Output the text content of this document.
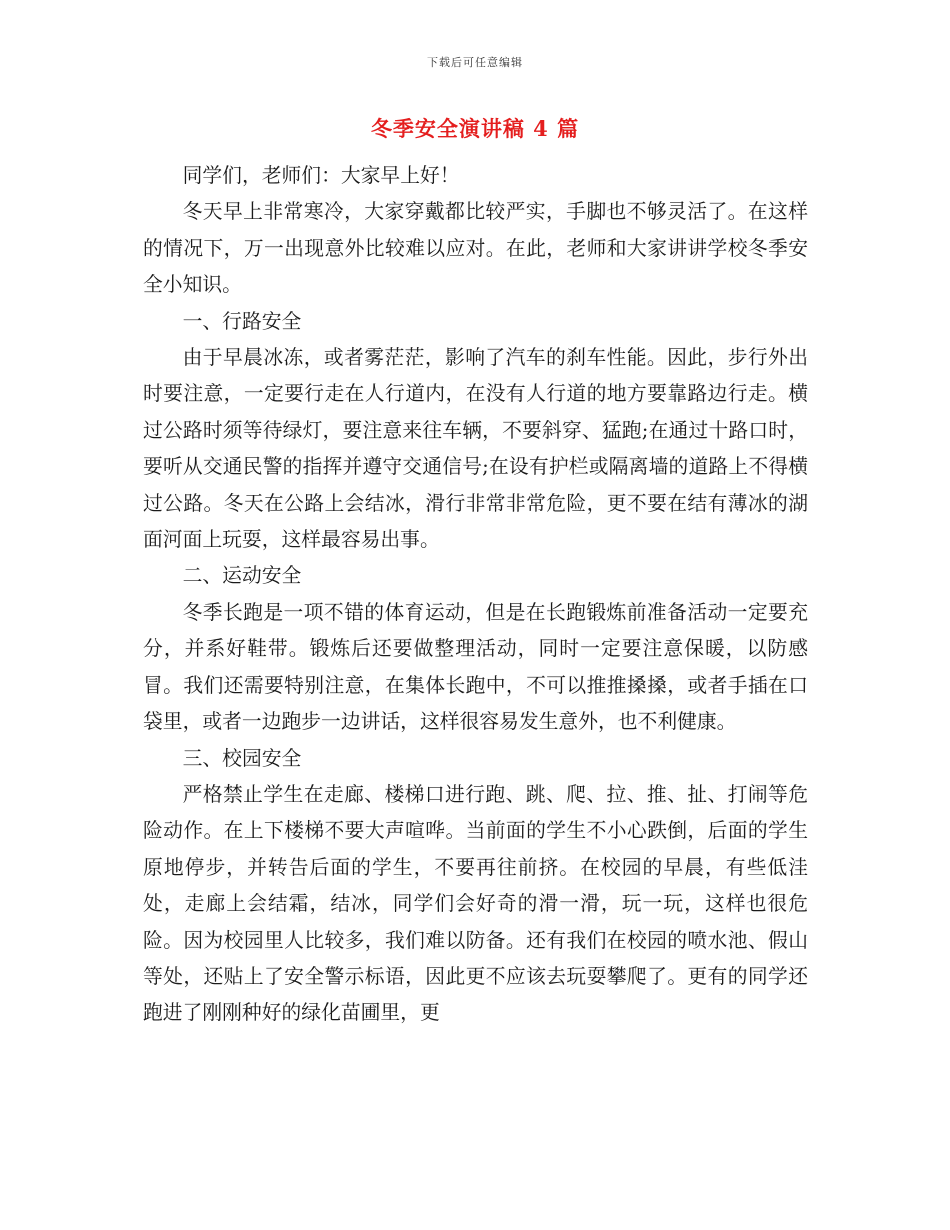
下载后可任意编辑
冬季安全演讲稿 4 篇

同学们，老师们：大家早上好！

冬天早上非常寒冷，大家穿戴都比较严实，手脚也不够灵活了。在这样的情况下，万一出现意外比较难以应对。在此，老师和大家讲讲学校冬季安全小知识。

一、行路安全

由于早晨冰冻，或者雾茫茫，影响了汽车的刹车性能。因此，步行外出时要注意，一定要行走在人行道内，在没有人行道的地方要靠路边行走。横过公路时须等待绿灯，要注意来往车辆，不要斜穿、猛跑;在通过十路口时，要听从交通民警的指挥并遵守交通信号;在设有护栏或隔离墙的道路上不得横过公路。冬天在公路上会结冰，滑行非常非常危险，更不要在结有薄冰的湖面河面上玩耍，这样最容易出事。

二、运动安全

冬季长跑是一项不错的体育运动，但是在长跑锻炼前准备活动一定要充分，并系好鞋带。锻炼后还要做整理活动，同时一定要注意保暖，以防感冒。我们还需要特别注意，在集体长跑中，不可以推推搡搡，或者手插在口袋里，或者一边跑步一边讲话，这样很容易发生意外，也不利健康。

三、校园安全

严格禁止学生在走廊、楼梯口进行跑、跳、爬、拉、推、扯、打闹等危险动作。在上下楼梯不要大声喧哗。当前面的学生不小心跌倒，后面的学生原地停步，并转告后面的学生，不要再往前挤。在校园的早晨，有些低洼处，走廊上会结霜，结冰，同学们会好奇的滑一滑，玩一玩，这样也很危险。因为校园里人比较多，我们难以防备。还有我们在校园的喷水池、假山等处，还贴上了安全警示标语，因此更不应该去玩耍攀爬了。更有的同学还跑进了刚刚种好的绿化苗圃里，更
